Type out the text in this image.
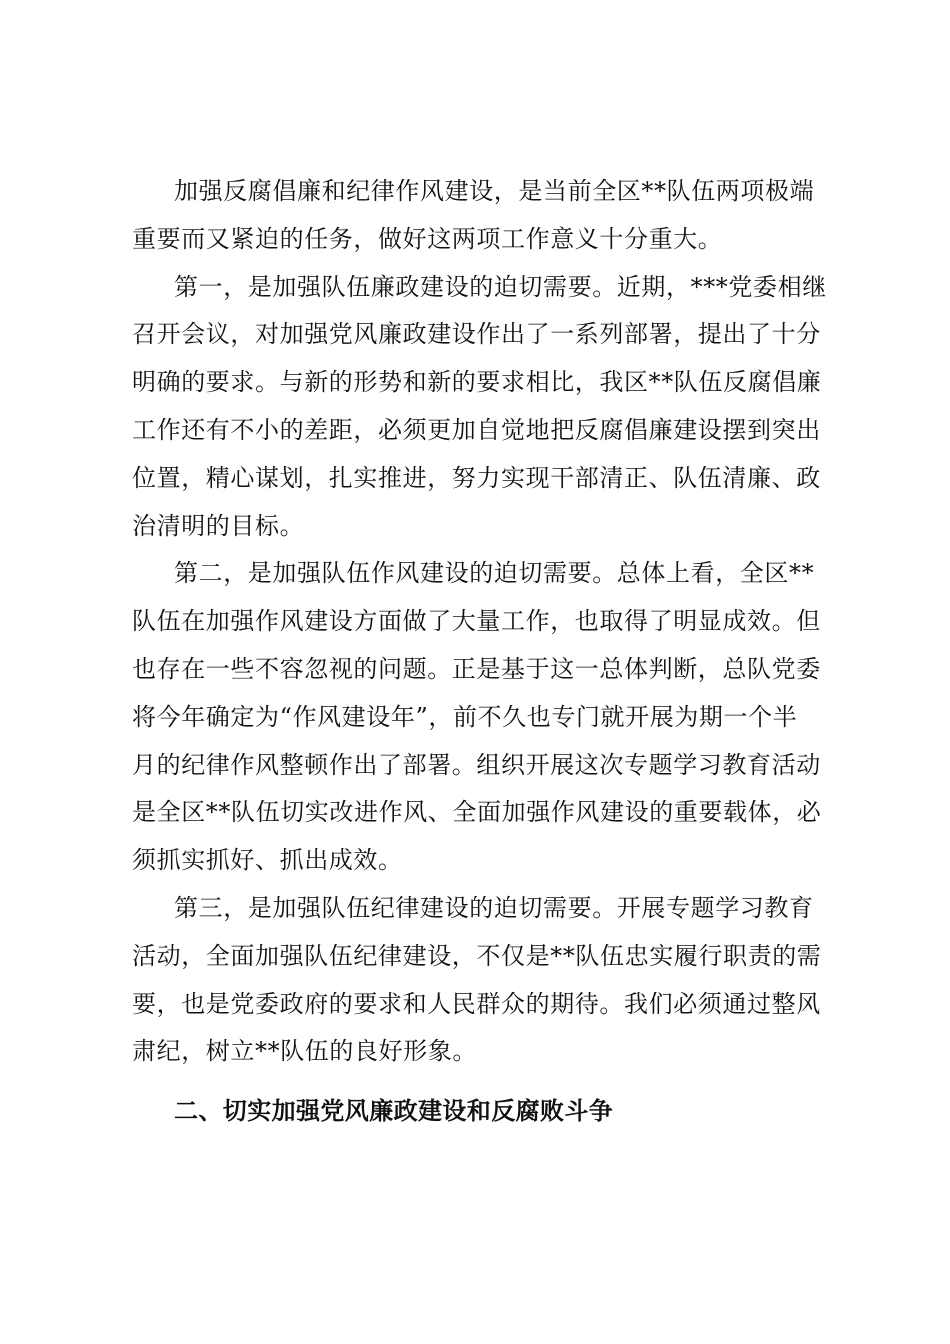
加强反腐倡廉和纪律作风建设，是当前全区**队伍两项极端
重要而又紧迫的任务，做好这两项工作意义十分重大。

第一，是加强队伍廉政建设的迫切需要。近期，***党委相继
召开会议，对加强党风廉政建设作出了一系列部署，提出了十分
明确的要求。与新的形势和新的要求相比，我区**队伍反腐倡廉
工作还有不小的差距，必须更加自觉地把反腐倡廉建设摆到突出
位置，精心谋划，扎实推进，努力实现干部清正、队伍清廉、政
治清明的目标。

第二，是加强队伍作风建设的迫切需要。总体上看，全区**
队伍在加强作风建设方面做了大量工作，也取得了明显成效。但
也存在一些不容忽视的问题。正是基于这一总体判断，总队党委
将今年确定为“作风建设年”，前不久也专门就开展为期一个半
月的纪律作风整顿作出了部署。组织开展这次专题学习教育活动
是全区**队伍切实改进作风、全面加强作风建设的重要载体，必
须抓实抓好、抓出成效。

第三，是加强队伍纪律建设的迫切需要。开展专题学习教育
活动，全面加强队伍纪律建设，不仅是**队伍忠实履行职责的需
要，也是党委政府的要求和人民群众的期待。我们必须通过整风
肃纪，树立**队伍的良好形象。

二、切实加强党风廉政建设和反腐败斗争
